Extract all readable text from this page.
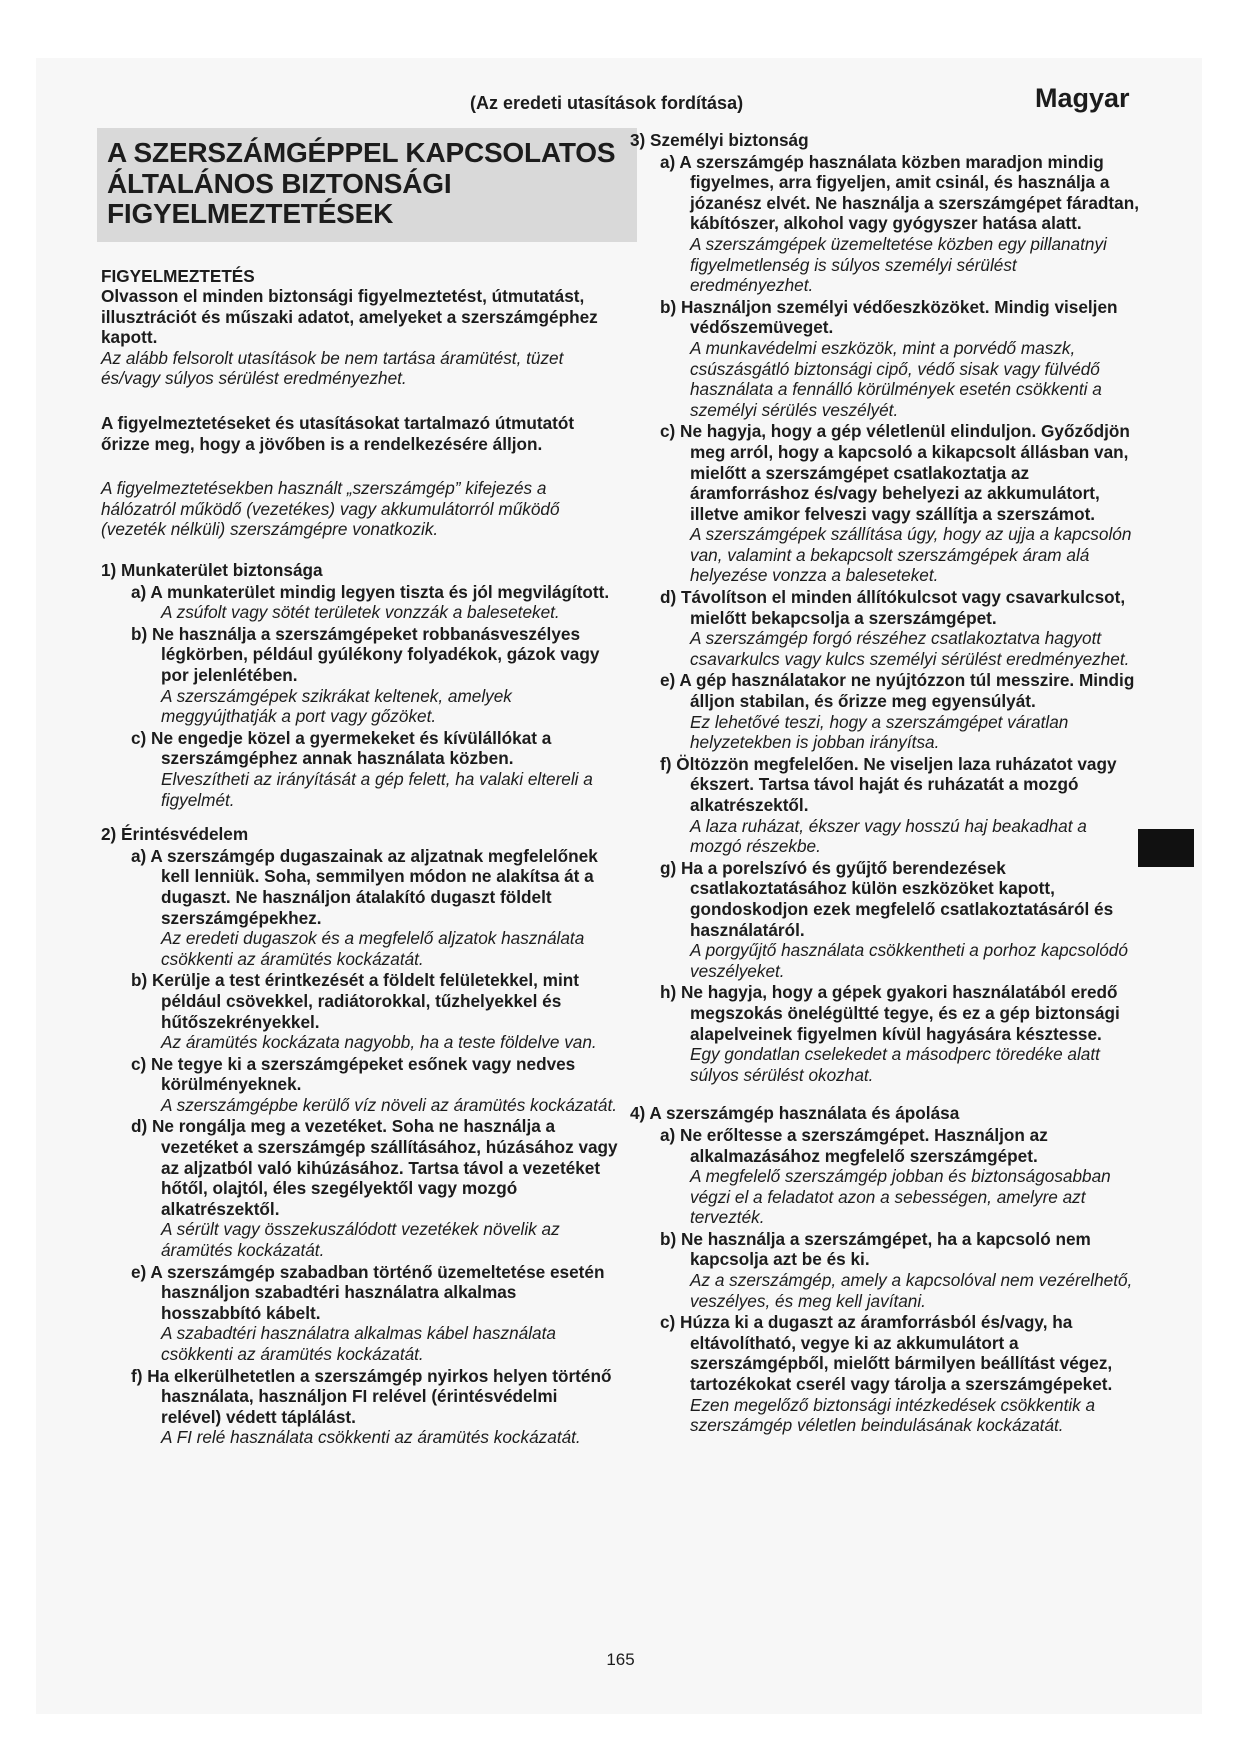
(Az eredeti utasítások fordítása)	Magyar
A SZERSZÁMGÉPPEL KAPCSOLATOS ÁLTALÁNOS BIZTONSÁGI FIGYELMEZTETÉSEK
FIGYELMEZTETÉS
Olvasson el minden biztonsági figyelmeztetést, útmutatást, illusztrációt és műszaki adatot, amelyeket a szerszámgéphez kapott.
Az alább felsorolt utasítások be nem tartása áramütést, tüzet és/vagy súlyos sérülést eredményezhet.
A figyelmeztetéseket és utasításokat tartalmazó útmutatót őrizze meg, hogy a jövőben is a rendelkezésére álljon.
A figyelmeztetésekben használt „szerszámgép” kifejezés a hálózatról működő (vezetékes) vagy akkumulátorról működő (vezeték nélküli) szerszámgépre vonatkozik.
1) Munkaterület biztonsága
a) A munkaterület mindig legyen tiszta és jól megvilágított.
A zsúfolt vagy sötét területek vonzzák a baleseteket.
b) Ne használja a szerszámgépeket robbanásveszélyes légkörben, például gyúlékony folyadékok, gázok vagy por jelenlétében.
A szerszámgépek szikrákat keltenek, amelyek meggyújthatják a port vagy gőzöket.
c) Ne engedje közel a gyermekeket és kívülállókat a szerszámgéphez annak használata közben.
Elveszítheti az irányítását a gép felett, ha valaki eltereli a figyelmét.
2) Érintésvédelem
a) A szerszámgép dugaszainak az aljzatnak megfelelőnek kell lenniük. Soha, semmilyen módon ne alakítsa át a dugaszt. Ne használjon átalakító dugaszt földelt szerszámgépekhez.
Az eredeti dugaszok és a megfelelő aljzatok használata csökkenti az áramütés kockázatát.
b) Kerülje a test érintkezését a földelt felületekkel, mint például csövekkel, radiátorokkal, tűzhelyekkel és hűtőszekrényekkel.
Az áramütés kockázata nagyobb, ha a teste földelve van.
c) Ne tegye ki a szerszámgépeket esőnek vagy nedves körülményeknek.
A szerszámgépbe kerülő víz növeli az áramütés kockázatát.
d) Ne rongálja meg a vezetéket. Soha ne használja a vezetéket a szerszámgép szállításához, húzásához vagy az aljzatból való kihúzásához. Tartsa távol a vezetéket hőtől, olajtól, éles szegélyektől vagy mozgó alkatrészektől.
A sérült vagy összekuszálódott vezetékek növelik az áramütés kockázatát.
e) A szerszámgép szabadban történő üzemeltetése esetén használjon szabadtéri használatra alkalmas hosszabbító kábelt.
A szabadtéri használatra alkalmas kábel használata csökkenti az áramütés kockázatát.
f) Ha elkerülhetetlen a szerszámgép nyirkos helyen történő használata, használjon FI relével (érintésvédelmi relével) védett táplálást.
A FI relé használata csökkenti az áramütés kockázatát.
3) Személyi biztonság
a) A szerszámgép használata közben maradjon mindig figyelmes, arra figyeljen, amit csinál, és használja a józanész elvét. Ne használja a szerszámgépet fáradtan, kábítószer, alkohol vagy gyógyszer hatása alatt.
A szerszámgépek üzemeltetése közben egy pillanatnyi figyelmetlenség is súlyos személyi sérülést eredményezhet.
b) Használjon személyi védőeszközöket. Mindig viseljen védőszemüveget.
A munkavédelmi eszközök, mint a porvédő maszk, csúszásgátló biztonsági cipő, védő sisak vagy fülvédő használata a fennálló körülmények esetén csökkenti a személyi sérülés veszélyét.
c) Ne hagyja, hogy a gép véletlenül elinduljon. Győződjön meg arról, hogy a kapcsoló a kikapcsolt állásban van, mielőtt a szerszámgépet csatlakoztatja az áramforráshoz és/vagy behelyezi az akkumulátort, illetve amikor felveszi vagy szállítja a szerszámot.
A szerszámgépek szállítása úgy, hogy az ujja a kapcsolón van, valamint a bekapcsolt szerszámgépek áram alá helyezése vonzza a baleseteket.
d) Távolítson el minden állítókulcsot vagy csavarkulcsot, mielőtt bekapcsolja a szerszámgépet.
A szerszámgép forgó részéhez csatlakoztatva hagyott csavarkulcs vagy kulcs személyi sérülést eredményezhet.
e) A gép használatakor ne nyújtózzon túl messzire. Mindig álljon stabilan, és őrizze meg egyensúlyát.
Ez lehetővé teszi, hogy a szerszámgépet váratlan helyzetekben is jobban irányítsa.
f) Öltözzön megfelelően. Ne viseljen laza ruházatot vagy ékszert. Tartsa távol haját és ruházatát a mozgó alkatrészektől.
A laza ruházat, ékszer vagy hosszú haj beakadhat a mozgó részekbe.
g) Ha a porelszívó és gyűjtő berendezések csatlakoztatásához külön eszközöket kapott, gondoskodjon ezek megfelelő csatlakoztatásáról és használatáról.
A porgyűjtő használata csökkentheti a porhoz kapcsolódó veszélyeket.
h) Ne hagyja, hogy a gépek gyakori használatából eredő megszokás önelégültté tegye, és ez a gép biztonsági alapelveinek figyelmen kívül hagyására késztesse.
Egy gondatlan cselekedet a másodperc töredéke alatt súlyos sérülést okozhat.
4) A szerszámgép használata és ápolása
a) Ne erőltesse a szerszámgépet. Használjon az alkalmazásához megfelelő szerszámgépet.
A megfelelő szerszámgép jobban és biztonságosabban végzi el a feladatot azon a sebességen, amelyre azt tervezték.
b) Ne használja a szerszámgépet, ha a kapcsoló nem kapcsolja azt be és ki.
Az a szerszámgép, amely a kapcsolóval nem vezérelhető, veszélyes, és meg kell javítani.
c) Húzza ki a dugaszt az áramforrásból és/vagy, ha eltávolítható, vegye ki az akkumulátort a szerszámgépből, mielőtt bármilyen beállítást végez, tartozékokat cserél vagy tárolja a szerszámgépeket.
Ezen megelőző biztonsági intézkedések csökkentik a szerszámgép véletlen beindulásának kockázatát.
165
